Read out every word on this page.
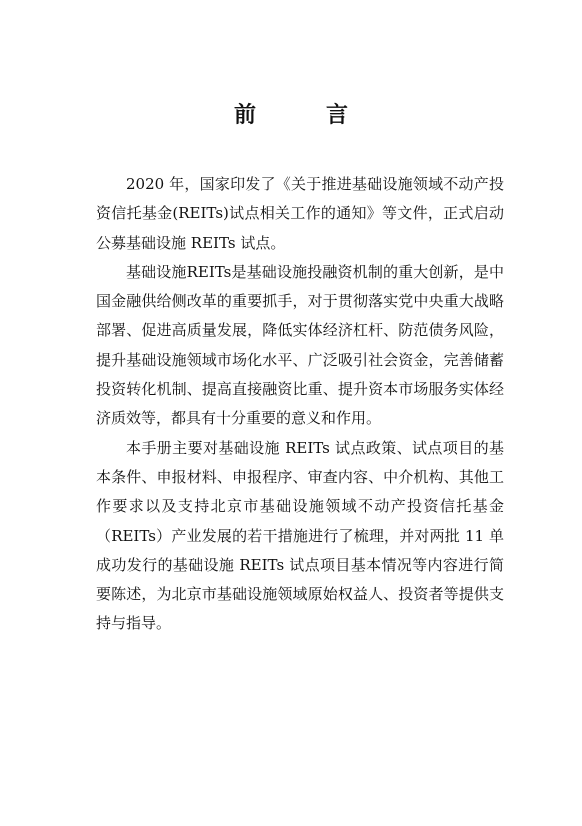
前　言

2020 年，国家印发了《关于推进基础设施领域不动产投资信托基金(REITs)试点相关工作的通知》等文件，正式启动公募基础设施 REITs 试点。

基础设施REITs是基础设施投融资机制的重大创新，是中国金融供给侧改革的重要抓手，对于贯彻落实党中央重大战略部署、促进高质量发展，降低实体经济杠杆、防范债务风险，提升基础设施领域市场化水平、广泛吸引社会资金，完善储蓄投资转化机制、提高直接融资比重、提升资本市场服务实体经济质效等，都具有十分重要的意义和作用。

本手册主要对基础设施 REITs 试点政策、试点项目的基本条件、申报材料、申报程序、审查内容、中介机构、其他工作要求以及支持北京市基础设施领域不动产投资信托基金（REITs）产业发展的若干措施进行了梳理，并对两批 11 单成功发行的基础设施 REITs 试点项目基本情况等内容进行简要陈述，为北京市基础设施领域原始权益人、投资者等提供支持与指导。
